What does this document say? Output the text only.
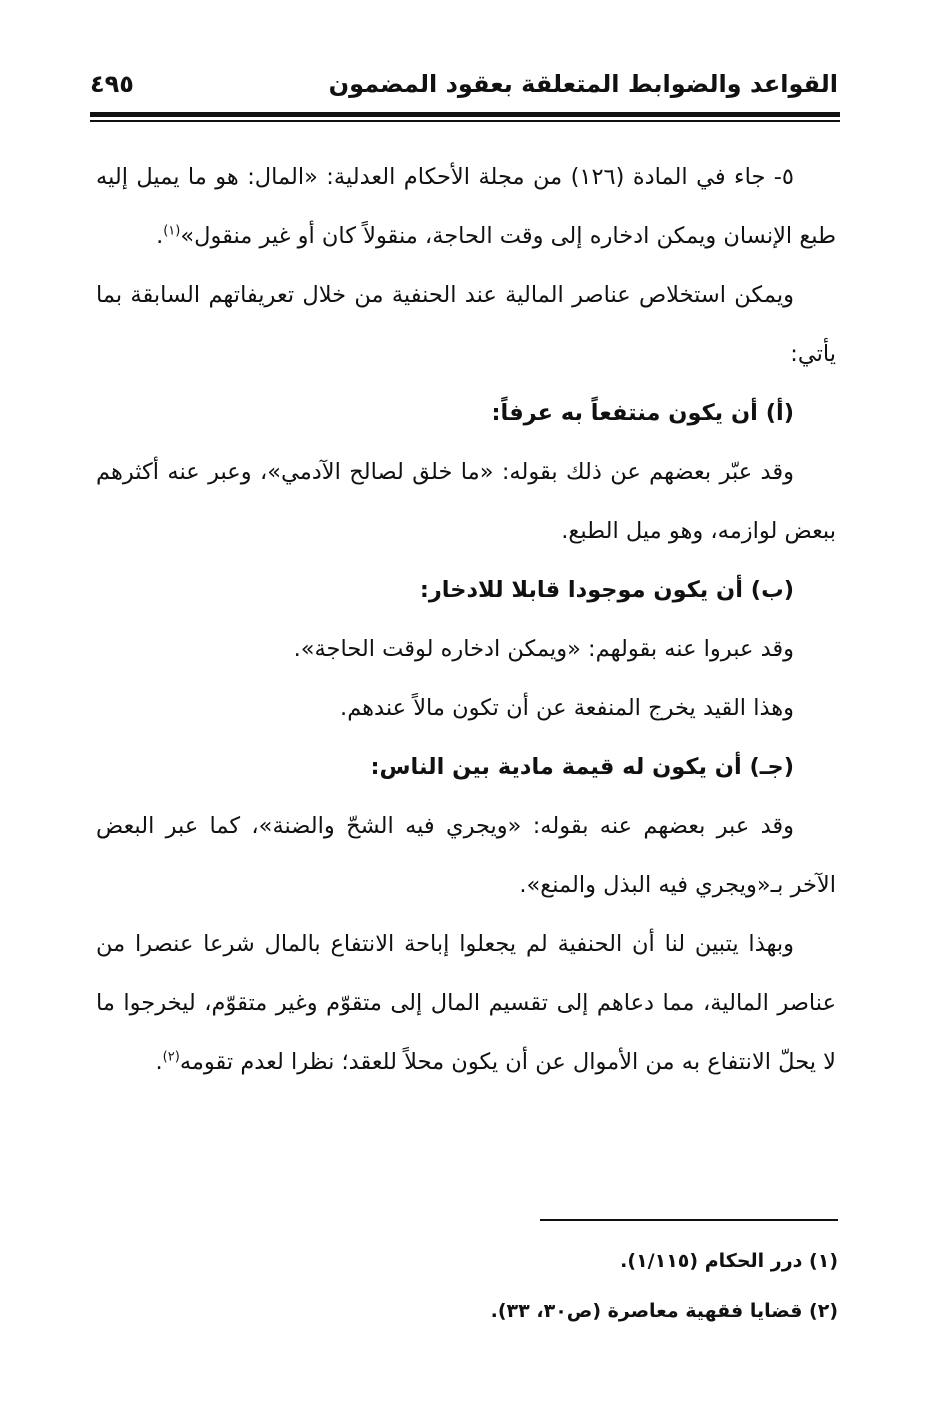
القواعد والضوابط المتعلقة بعقود المضمون
٤٩٥

٥- جاء في المادة (١٢٦) من مجلة الأحكام العدلية: «المال: هو ما يميل إليه طبع الإنسان ويمكن ادخاره إلى وقت الحاجة، منقولاً كان أو غير منقول»$^{(١)}$.

ويمكن استخلاص عناصر المالية عند الحنفية من خلال تعريفاتهم السابقة بما يأتي:

(أ) أن يكون منتفعاً به عرفاً:

وقد عبّر بعضهم عن ذلك بقوله: «ما خلق لصالح الآدمي»، وعبر عنه أكثرهم ببعض لوازمه، وهو ميل الطبع.

(ب) أن يكون موجودا قابلا للادخار:

وقد عبروا عنه بقولهم: «ويمكن ادخاره لوقت الحاجة».

وهذا القيد يخرج المنفعة عن أن تكون مالاً عندهم.

(جـ) أن يكون له قيمة مادية بين الناس:

وقد عبر بعضهم عنه بقوله: «ويجري فيه الشحّ والضنة»، كما عبر البعض الآخر بـ«ويجري فيه البذل والمنع».

وبهذا يتبين لنا أن الحنفية لم يجعلوا إباحة الانتفاع بالمال شرعا عنصرا من عناصر المالية، مما دعاهم إلى تقسيم المال إلى متقوّم وغير متقوّم، ليخرجوا ما لا يحلّ الانتفاع به من الأموال عن أن يكون محلاً للعقد؛ نظرا لعدم تقومه$^{(٢)}$.

(١) درر الحكام (١/١١٥).

(٢) قضايا فقهية معاصرة (ص٣٠، ٣٣).
